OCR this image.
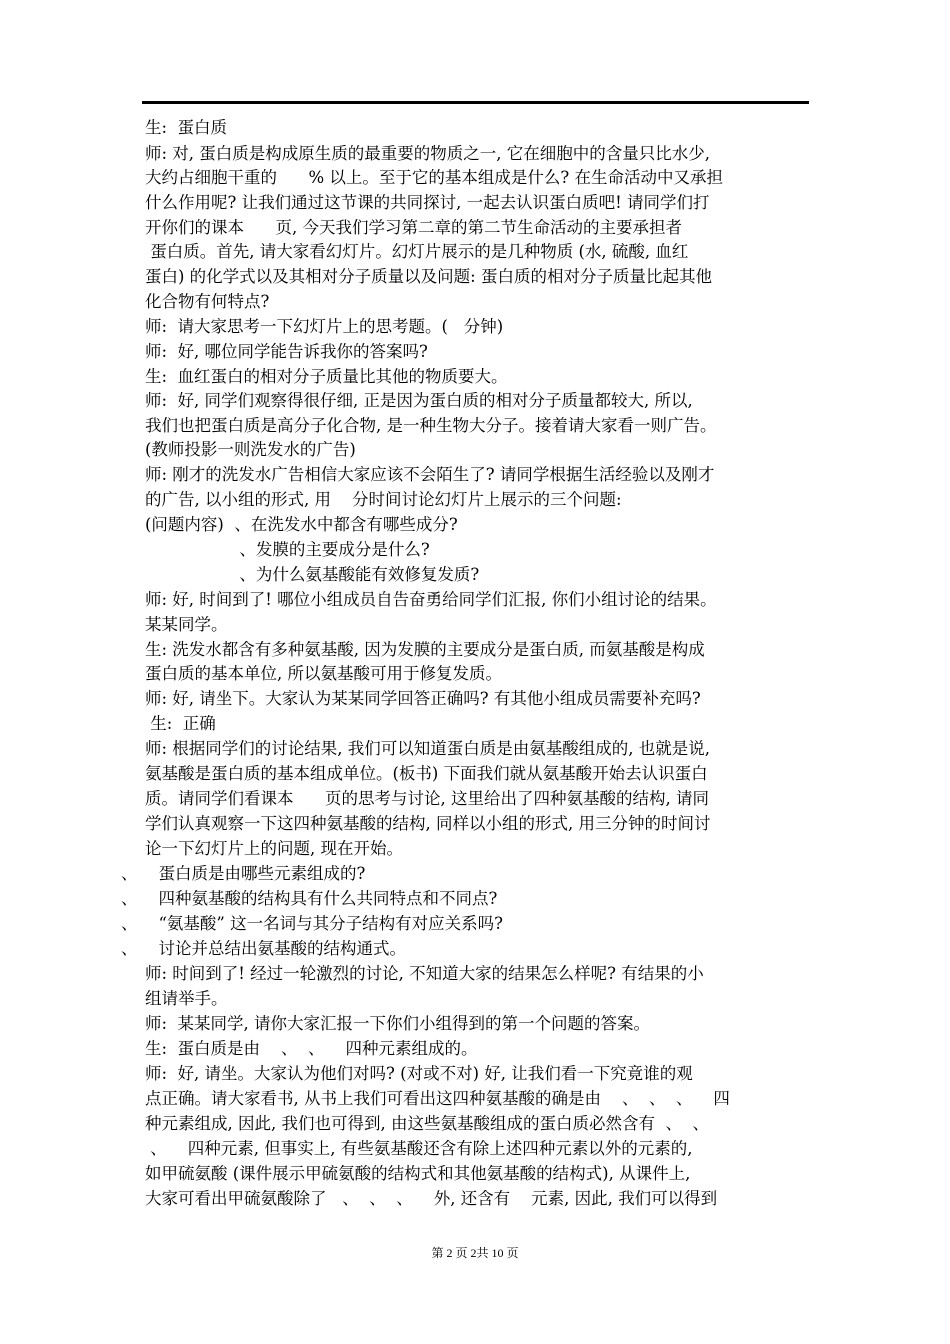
生:  蛋白质
师: 对, 蛋白质是构成原生质的最重要的物质之一, 它在细胞中的含量只比水少,
大约占细胞干重的      % 以上。至于它的基本组成是什么? 在生命活动中又承担
什么作用呢? 让我们通过这节课的共同探讨, 一起去认识蛋白质吧! 请同学们打
开你们的课本      页, 今天我们学习第二章的第二节生命活动的主要承担者
蛋白质。首先, 请大家看幻灯片。幻灯片展示的是几种物质 (水, 硫酸, 血红
蛋白) 的化学式以及其相对分子质量以及问题: 蛋白质的相对分子质量比起其他
化合物有何特点?
师:  请大家思考一下幻灯片上的思考题。(   分钟)
师:  好, 哪位同学能告诉我你的答案吗?
生:  血红蛋白的相对分子质量比其他的物质要大。
师:  好, 同学们观察得很仔细, 正是因为蛋白质的相对分子质量都较大, 所以,
我们也把蛋白质是高分子化合物, 是一种生物大分子。接着请大家看一则广告。
(教师投影一则洗发水的广告)
师: 刚才的洗发水广告相信大家应该不会陌生了? 请同学根据生活经验以及刚才
的广告, 以小组的形式, 用    分时间讨论幻灯片上展示的三个问题:
(问题内容)  、在洗发水中都含有哪些成分?
、发膜的主要成分是什么?
、为什么氨基酸能有效修复发质?
师: 好, 时间到了! 哪位小组成员自告奋勇给同学们汇报, 你们小组讨论的结果。
某某同学。
生: 洗发水都含有多种氨基酸, 因为发膜的主要成分是蛋白质, 而氨基酸是构成
蛋白质的基本单位, 所以氨基酸可用于修复发质。
师: 好, 请坐下。大家认为某某同学回答正确吗? 有其他小组成员需要补充吗?
生:  正确
师: 根据同学们的讨论结果, 我们可以知道蛋白质是由氨基酸组成的, 也就是说,
氨基酸是蛋白质的基本组成单位。(板书) 下面我们就从氨基酸开始去认识蛋白
质。请同学们看课本      页的思考与讨论, 这里给出了四种氨基酸的结构, 请同
学们认真观察一下这四种氨基酸的结构, 同样以小组的形式, 用三分钟的时间讨
论一下幻灯片上的问题, 现在开始。
、    蛋白质是由哪些元素组成的?
、    四种氨基酸的结构具有什么共同特点和不同点?
、    “氨基酸” 这一名词与其分子结构有对应关系吗?
、    讨论并总结出氨基酸的结构通式。
师: 时间到了! 经过一轮激烈的讨论, 不知道大家的结果怎么样呢? 有结果的小
组请举手。
师:  某某同学, 请你大家汇报一下你们小组得到的第一个问题的答案。
生:  蛋白质是由    、  、    四种元素组成的。
师:  好, 请坐。大家认为他们对吗? (对或不对) 好, 让我们看一下究竟谁的观
点正确。请大家看书, 从书上我们可看出这四种氨基酸的确是由    、  、  、    四
种元素组成, 因此, 我们也可得到, 由这些氨基酸组成的蛋白质必然含有  、  、
、    四种元素, 但事实上, 有些氨基酸还含有除上述四种元素以外的元素的,
如甲硫氨酸 (课件展示甲硫氨酸的结构式和其他氨基酸的结构式), 从课件上,
大家可看出甲硫氨酸除了   、  、  、    外, 还含有    元素, 因此, 我们可以得到
第 2 页 2共 10 页
